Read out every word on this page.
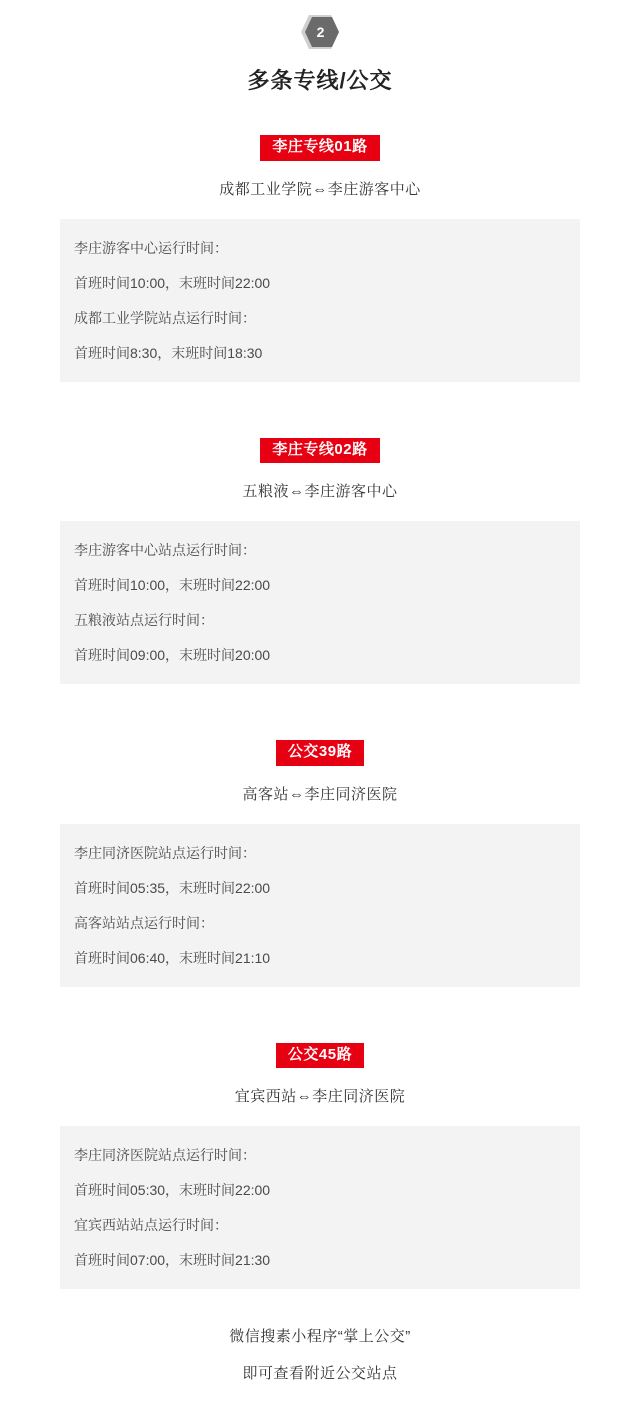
2
多条专线/公交
李庄专线01路
成都工业学院⇔李庄游客中心

李庄游客中心运行时间：

首班时间10:00，末班时间22:00

成都工业学院站点运行时间：

首班时间8:30，末班时间18:30

李庄专线02路
五粮液⇔李庄游客中心

李庄游客中心站点运行时间：

首班时间10:00，末班时间22:00

五粮液站点运行时间：

首班时间09:00，末班时间20:00

公交39路
高客站⇔李庄同济医院

李庄同济医院站点运行时间：

首班时间05:35，末班时间22:00

高客站站点运行时间：

首班时间06:40，末班时间21:10

公交45路
宜宾西站⇔李庄同济医院

李庄同济医院站点运行时间：

首班时间05:30，末班时间22:00

宜宾西站站点运行时间：

首班时间07:00，末班时间21:30

微信搜素小程序“掌上公交”
即可查看附近公交站点
